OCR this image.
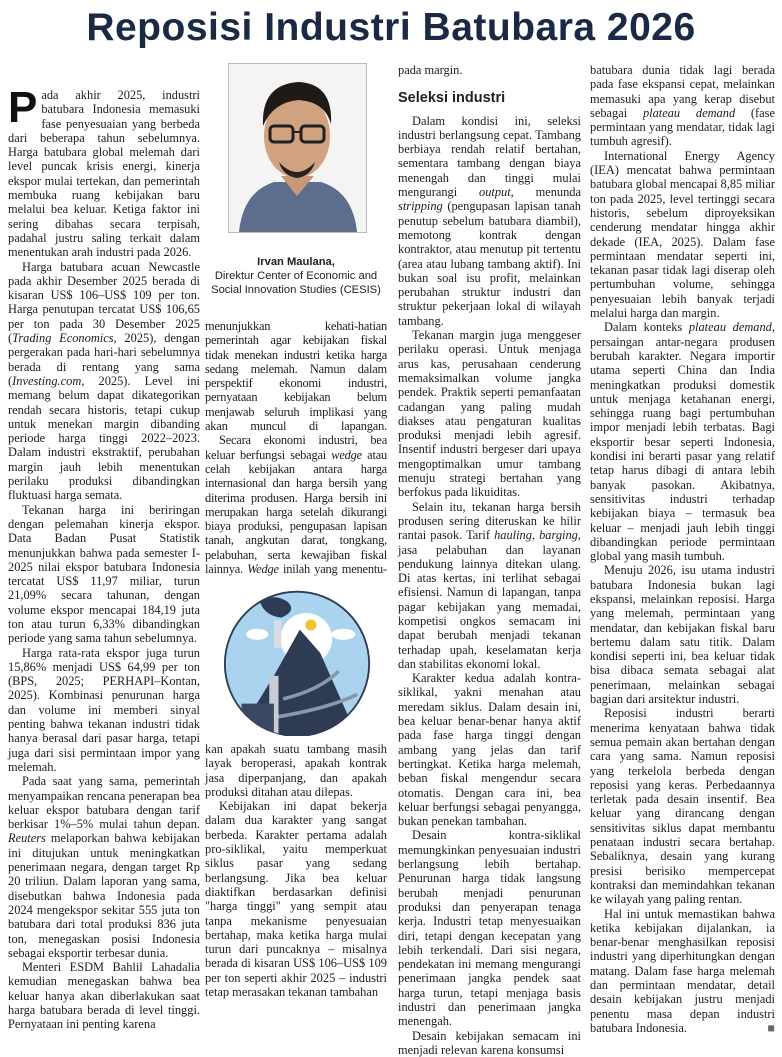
Reposisi Industri Batubara 2026

Pada akhir 2025, industri batubara Indonesia memasuki fase penyesuaian yang berbeda dari beberapa tahun sebelumnya. Harga batubara global melemah dari level puncak krisis energi, kinerja ekspor mulai tertekan, dan pemerintah membuka ruang kebijakan baru melalui bea keluar. Ketiga faktor ini sering dibahas secara terpisah, padahal justru saling terkait dalam menentukan arah industri pada 2026.

Harga batubara acuan Newcastle pada akhir Desember 2025 berada di kisaran US$ 106–US$ 109 per ton. Harga penutupan tercatat US$ 106,65 per ton pada 30 Desember 2025 (Trading Economics, 2025), dengan pergerakan pada hari-hari sebelumnya berada di rentang yang sama (Investing.com, 2025). Level ini memang belum dapat dikategorikan rendah secara historis, tetapi cukup untuk menekan margin dibanding periode harga tinggi 2022–2023. Dalam industri ekstraktif, perubahan margin jauh lebih menentukan perilaku produksi dibandingkan fluktuasi harga semata.

Tekanan harga ini beriringan dengan pelemahan kinerja ekspor. Data Badan Pusat Statistik menunjukkan bahwa pada semester I-2025 nilai ekspor batubara Indonesia tercatat US$ 11,97 miliar, turun 21,09% secara tahunan, dengan volume ekspor mencapai 184,19 juta ton atau turun 6,33% dibandingkan periode yang sama tahun sebelumnya.

Harga rata-rata ekspor juga turun 15,86% menjadi US$ 64,99 per ton (BPS, 2025; PERHAPI–Kontan, 2025). Kombinasi penurunan harga dan volume ini memberi sinyal penting bahwa tekanan industri tidak hanya berasal dari pasar harga, tetapi juga dari sisi permintaan impor yang melemah.

Pada saat yang sama, pemerintah menyampaikan rencana penerapan bea keluar ekspor batubara dengan tarif berkisar 1%–5% mulai tahun depan. Reuters melaporkan bahwa kebijakan ini ditujukan untuk meningkatkan penerimaan negara, dengan target Rp 20 triliun. Dalam laporan yang sama, disebutkan bahwa Indonesia pada 2024 mengekspor sekitar 555 juta ton batubara dari total produksi 836 juta ton, menegaskan posisi Indonesia sebagai eksportir terbesar dunia.

Menteri ESDM Bahlil Lahadalia kemudian menegaskan bahwa bea keluar hanya akan diberlakukan saat harga batubara berada di level tinggi. Pernyataan ini penting karena

Irvan Maulana,
Direktur Center of Economic and Social Innovation Studies (CESIS)

menunjukkan kehati-hatian pemerintah agar kebijakan fiskal tidak menekan industri ketika harga sedang melemah. Namun dalam perspektif ekonomi industri, pernyataan kebijakan belum menjawab seluruh implikasi yang akan muncul di lapangan.

Secara ekonomi industri, bea keluar berfungsi sebagai wedge atau celah kebijakan antara harga internasional dan harga bersih yang diterima produsen. Harga bersih ini merupakan harga setelah dikurangi biaya produksi, pengupasan lapisan tanah, angkutan darat, tongkang, pelabuhan, serta kewajiban fiskal lainnya. Wedge inilah yang menentu-

kan apakah suatu tambang masih layak beroperasi, apakah kontrak jasa diperpanjang, dan apakah produksi ditahan atau dilepas.

Kebijakan ini dapat bekerja dalam dua karakter yang sangat berbeda. Karakter pertama adalah pro-siklikal, yaitu memperkuat siklus pasar yang sedang berlangsung. Jika bea keluar diaktifkan berdasarkan definisi "harga tinggi" yang sempit atau tanpa mekanisme penyesuaian bertahap, maka ketika harga mulai turun dari puncaknya – misalnya berada di kisaran US$ 106–US$ 109 per ton seperti akhir 2025 – industri tetap merasakan tekanan tambahan

pada margin.

Seleksi industri

Dalam kondisi ini, seleksi industri berlangsung cepat. Tambang berbiaya rendah relatif bertahan, sementara tambang dengan biaya menengah dan tinggi mulai mengurangi output, menunda stripping (pengupasan lapisan tanah penutup sebelum batubara diambil), memotong kontrak dengan kontraktor, atau menutup pit tertentu (area atau lubang tambang aktif). Ini bukan soal isu profit, melainkan perubahan struktur industri dan struktur pekerjaan lokal di wilayah tambang.

Tekanan margin juga menggeser perilaku operasi. Untuk menjaga arus kas, perusahaan cenderung memaksimalkan volume jangka pendek. Praktik seperti pemanfaatan cadangan yang paling mudah diakses atau pengaturan kualitas produksi menjadi lebih agresif. Insentif industri bergeser dari upaya mengoptimalkan umur tambang menuju strategi bertahan yang berfokus pada likuiditas.

Selain itu, tekanan harga bersih produsen sering diteruskan ke hilir rantai pasok. Tarif hauling, barging, jasa pelabuhan dan layanan pendukung lainnya ditekan ulang. Di atas kertas, ini terlihat sebagai efisiensi. Namun di lapangan, tanpa pagar kebijakan yang memadai, kompetisi ongkos semacam ini dapat berubah menjadi tekanan terhadap upah, keselamatan kerja dan stabilitas ekonomi lokal.

Karakter kedua adalah kontra-siklikal, yakni menahan atau meredam siklus. Dalam desain ini, bea keluar benar-benar hanya aktif pada fase harga tinggi dengan ambang yang jelas dan tarif bertingkat. Ketika harga melemah, beban fiskal mengendur secara otomatis. Dengan cara ini, bea keluar berfungsi sebagai penyangga, bukan penekan tambahan.

Desain kontra-siklikal memungkinkan penyesuaian industri berlangsung lebih bertahap. Penurunan harga tidak langsung berubah menjadi penurunan produksi dan penyerapan tenaga kerja. Industri tetap menyesuaikan diri, tetapi dengan kecepatan yang lebih terkendali. Dari sisi negara, pendekatan ini memang mengurangi penerimaan jangka pendek saat harga turun, tetapi menjaga basis industri dan penerimaan jangka menengah.

Desain kebijakan semacam ini menjadi relevan karena konsumsi

batubara dunia tidak lagi berada pada fase ekspansi cepat, melainkan memasuki apa yang kerap disebut sebagai plateau demand (fase permintaan yang mendatar, tidak lagi tumbuh agresif).

International Energy Agency (IEA) mencatat bahwa permintaan batubara global mencapai 8,85 miliar ton pada 2025, level tertinggi secara historis, sebelum diproyeksikan cenderung mendatar hingga akhir dekade (IEA, 2025). Dalam fase permintaan mendatar seperti ini, tekanan pasar tidak lagi diserap oleh pertumbuhan volume, sehingga penyesuaian lebih banyak terjadi melalui harga dan margin.

Dalam konteks plateau demand, persaingan antar-negara produsen berubah karakter. Negara importir utama seperti China dan India meningkatkan produksi domestik untuk menjaga ketahanan energi, sehingga ruang bagi pertumbuhan impor menjadi lebih terbatas. Bagi eksportir besar seperti Indonesia, kondisi ini berarti pasar yang relatif tetap harus dibagi di antara lebih banyak pasokan. Akibatnya, sensitivitas industri terhadap kebijakan biaya – termasuk bea keluar – menjadi jauh lebih tinggi dibandingkan periode permintaan global yang masih tumbuh.

Menuju 2026, isu utama industri batubara Indonesia bukan lagi ekspansi, melainkan reposisi. Harga yang melemah, permintaan yang mendatar, dan kebijakan fiskal baru bertemu dalam satu titik. Dalam kondisi seperti ini, bea keluar tidak bisa dibaca semata sebagai alat penerimaan, melainkan sebagai bagian dari arsitektur industri.

Reposisi industri berarti menerima kenyataan bahwa tidak semua pemain akan bertahan dengan cara yang sama. Namun reposisi yang terkelola berbeda dengan reposisi yang keras. Perbedaannya terletak pada desain insentif. Bea keluar yang dirancang dengan sensitivitas siklus dapat membantu penataan industri secara bertahap. Sebaliknya, desain yang kurang presisi berisiko mempercepat kontraksi dan memindahkan tekanan ke wilayah yang paling rentan.

Hal ini untuk memastikan bahwa ketika kebijakan dijalankan, ia benar-benar menghasilkan reposisi industri yang diperhitungkan dengan matang. Dalam fase harga melemah dan permintaan mendatar, detail desain kebijakan justru menjadi penentu masa depan industri batubara Indonesia.	■
